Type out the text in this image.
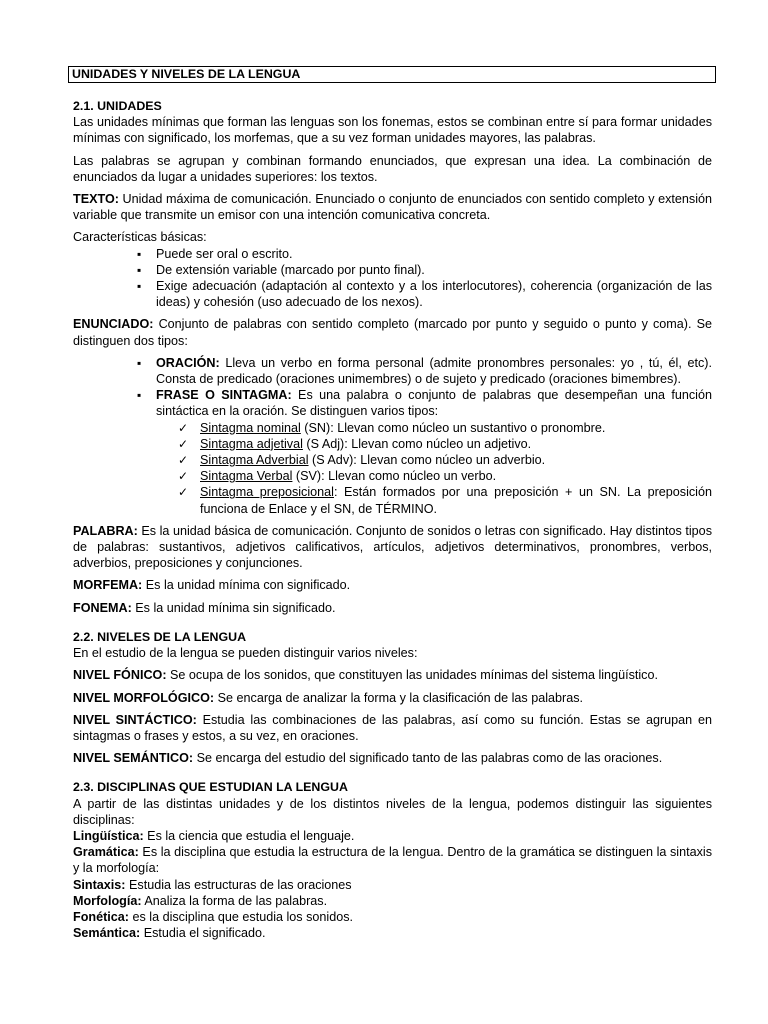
UNIDADES Y NIVELES DE LA LENGUA
2.1. UNIDADES

Las unidades mínimas que forman las lenguas son los fonemas, estos se combinan entre sí para formar unidades mínimas con significado, los morfemas, que a su vez forman unidades mayores, las palabras.

Las palabras se agrupan y combinan formando enunciados, que expresan una idea. La combinación de enunciados da lugar a unidades superiores: los textos.

TEXTO: Unidad máxima de comunicación. Enunciado o conjunto de enunciados con sentido completo y extensión variable que transmite un emisor con una intención comunicativa concreta.

Características básicas:

▪ Puede ser oral o escrito.
▪ De extensión variable (marcado por punto final).
▪ Exige adecuación (adaptación al contexto y a los interlocutores), coherencia (organización de las ideas) y cohesión (uso adecuado de los nexos).

ENUNCIADO: Conjunto de palabras con sentido completo (marcado por punto y seguido o punto y coma). Se distinguen dos tipos:

▪ ORACIÓN: Lleva un verbo en forma personal (admite pronombres personales: yo , tú, él, etc). Consta de predicado (oraciones unimembres) o de sujeto y predicado (oraciones bimembres).
▪ FRASE O SINTAGMA: Es una palabra o conjunto de palabras que desempeñan una función sintáctica en la oración. Se distinguen varios tipos:
✓ Sintagma nominal (SN): Llevan como núcleo un sustantivo o pronombre.
✓ Sintagma adjetival (S Adj): Llevan como núcleo un adjetivo.
✓ Sintagma Adverbial (S Adv): Llevan como núcleo un adverbio.
✓ Sintagma Verbal (SV): Llevan como núcleo un verbo.
✓ Sintagma preposicional: Están formados por una preposición + un SN. La preposición funciona de Enlace y el SN, de TÉRMINO.

PALABRA: Es la unidad básica de comunicación. Conjunto de sonidos o letras con significado. Hay distintos tipos de palabras: sustantivos, adjetivos calificativos, artículos, adjetivos determinativos, pronombres, verbos, adverbios, preposiciones y conjunciones.

MORFEMA: Es la unidad mínima con significado.

FONEMA: Es la unidad mínima sin significado.

2.2. NIVELES DE LA LENGUA

En el estudio de la lengua se pueden distinguir varios niveles:

NIVEL FÓNICO: Se ocupa de los sonidos, que constituyen las unidades mínimas del sistema lingüístico.

NIVEL MORFOLÓGICO: Se encarga de analizar la forma y la clasificación de las palabras.

NIVEL SINTÁCTICO: Estudia las combinaciones de las palabras, así como su función. Estas se agrupan en sintagmas o frases y estos, a su vez, en oraciones.

NIVEL SEMÁNTICO: Se encarga del estudio del significado tanto de las palabras como de las oraciones.

2.3. DISCIPLINAS QUE ESTUDIAN LA LENGUA

A partir de las distintas unidades y de los distintos niveles de la lengua, podemos distinguir las siguientes disciplinas:

Lingüística: Es la ciencia que estudia el lenguaje.

Gramática: Es la disciplina que estudia la estructura de la lengua. Dentro de la gramática se distinguen la sintaxis y la morfología:

Sintaxis: Estudia las estructuras de las oraciones

Morfología: Analiza la forma de las palabras.

Fonética: es la disciplina que estudia los sonidos.

Semántica: Estudia el significado.
